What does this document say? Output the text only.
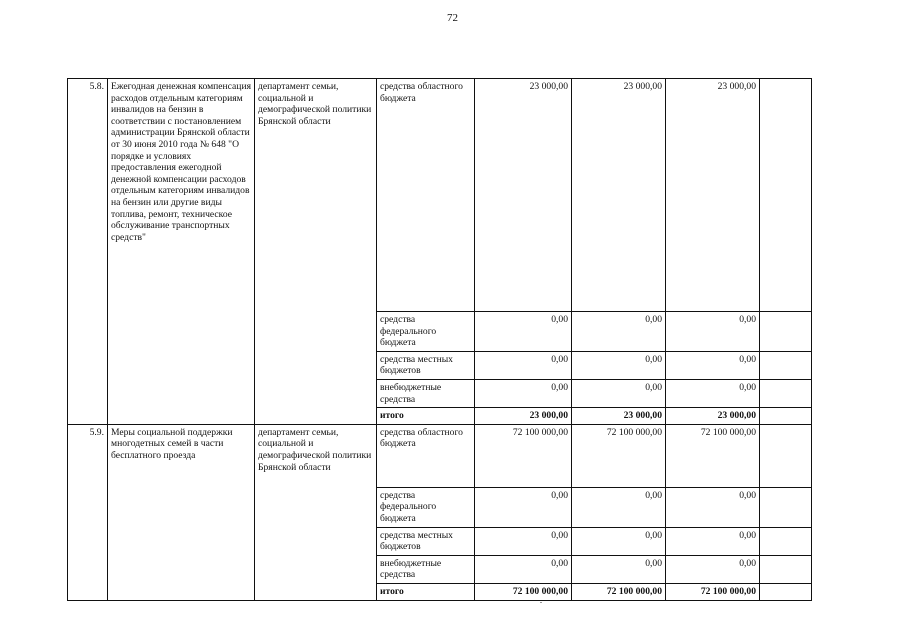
72
5.8.	Ежегодная денежная компенсация расходов отдельным категориям инвалидов на бензин в соответствии с постановлением администрации Брянской области от 30 июня 2010 года № 648 "О порядке и условиях предоставления ежегодной денежной компенсации расходов отдельным категориям инвалидов на бензин или другие виды топлива, ремонт, техническое обслуживание транспортных средств"	департамент семьи, социальной и демографической политики Брянской области	средства областного бюджета	23 000,00	23 000,00	23 000,00	
			средства федерального бюджета	0,00	0,00	0,00	
			средства местных бюджетов	0,00	0,00	0,00	
			внебюджетные средства	0,00	0,00	0,00	
			итого	23 000,00	23 000,00	23 000,00	
5.9.	Меры социальной поддержки многодетных семей в части бесплатного проезда	департамент семьи, социальной и демографической политики Брянской области	средства областного бюджета	72 100 000,00	72 100 000,00	72 100 000,00	
			средства федерального бюджета	0,00	0,00	0,00	
			средства местных бюджетов	0,00	0,00	0,00	
			внебюджетные средства	0,00	0,00	0,00	
			итого	72 100 000,00	72 100 000,00	72 100 000,00	
